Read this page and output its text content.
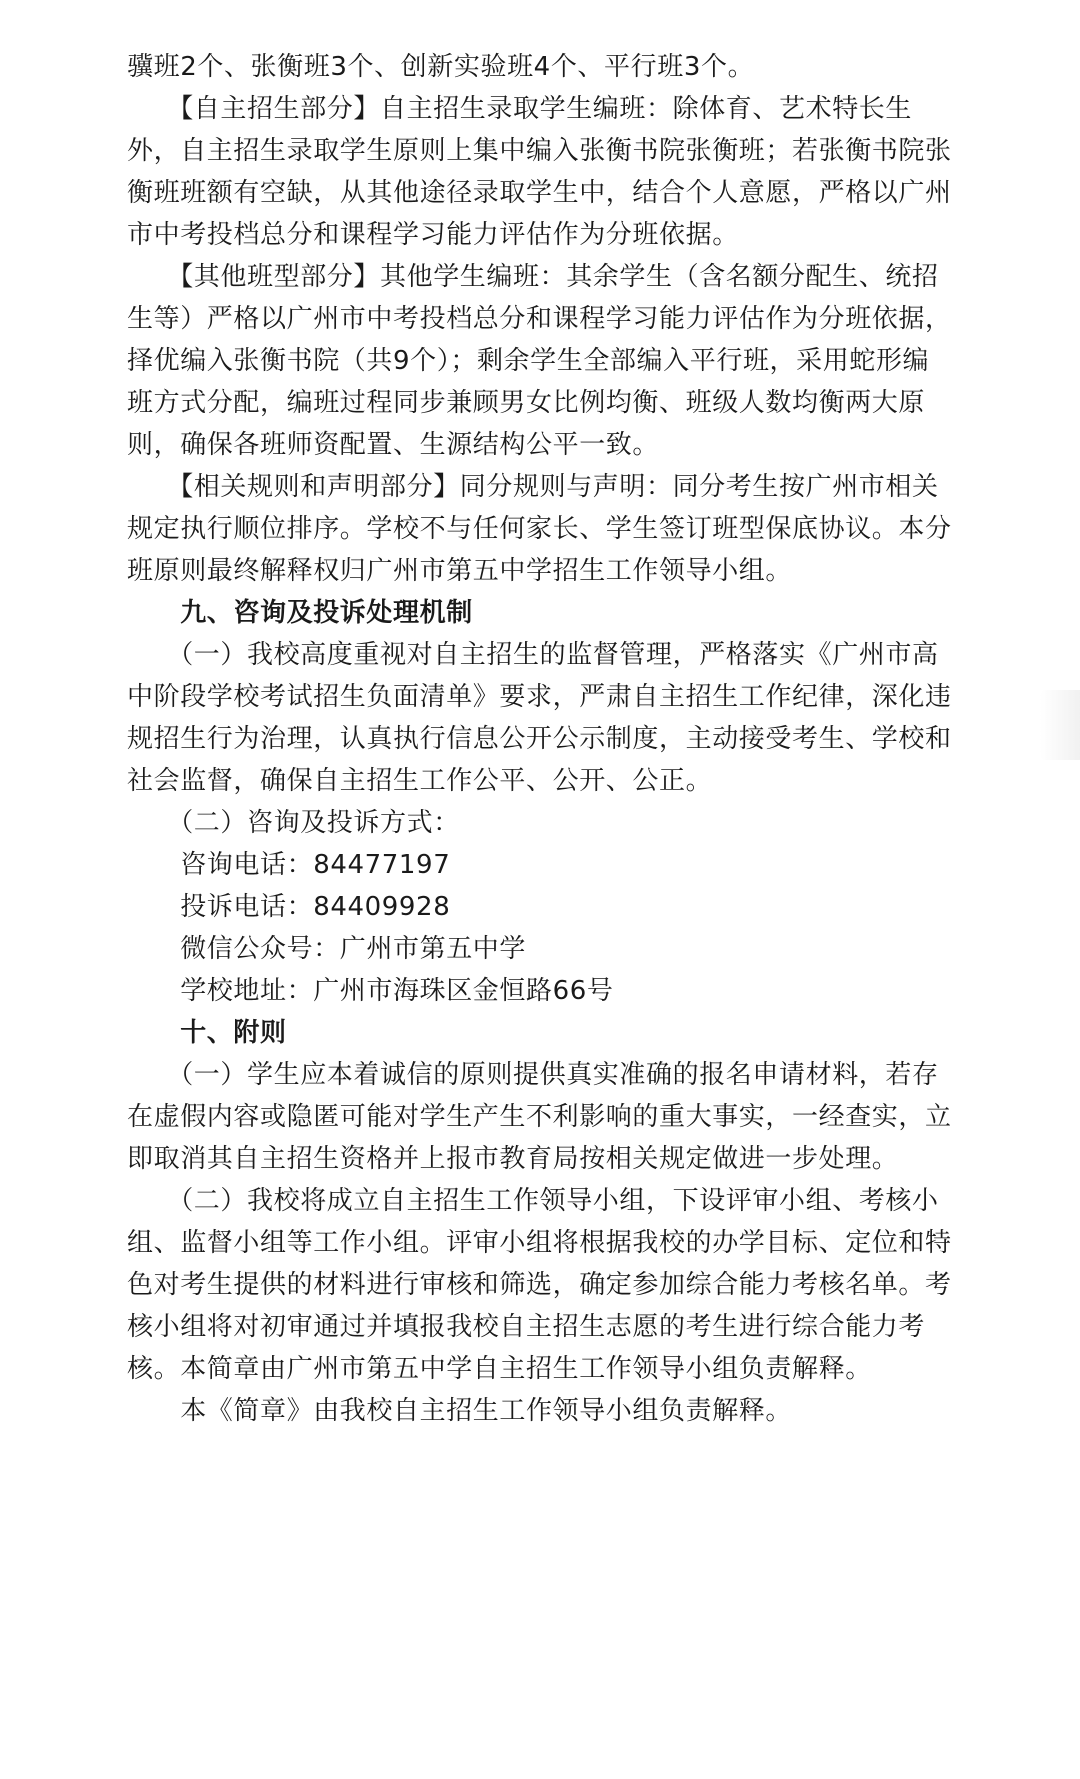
骥班2个、张衡班3个、创新实验班4个、平行班3个。
　　【自主招生部分】自主招生录取学生编班：除体育、艺术特长生
外，自主招生录取学生原则上集中编入张衡书院张衡班；若张衡书院张
衡班班额有空缺，从其他途径录取学生中，结合个人意愿，严格以广州
市中考投档总分和课程学习能力评估作为分班依据。
　　【其他班型部分】其他学生编班：其余学生（含名额分配生、统招
生等）严格以广州市中考投档总分和课程学习能力评估作为分班依据，
择优编入张衡书院（共9个）；剩余学生全部编入平行班，采用蛇形编
班方式分配，编班过程同步兼顾男女比例均衡、班级人数均衡两大原
则，确保各班师资配置、生源结构公平一致。
　　【相关规则和声明部分】同分规则与声明：同分考生按广州市相关
规定执行顺位排序。学校不与任何家长、学生签订班型保底协议。本分
班原则最终解释权归广州市第五中学招生工作领导小组。
　　九、咨询及投诉处理机制
　　（一）我校高度重视对自主招生的监督管理，严格落实《广州市高
中阶段学校考试招生负面清单》要求，严肃自主招生工作纪律，深化违
规招生行为治理，认真执行信息公开公示制度，主动接受考生、学校和
社会监督，确保自主招生工作公平、公开、公正。
　　（二）咨询及投诉方式：
　　咨询电话：84477197
　　投诉电话：84409928
　　微信公众号：广州市第五中学
　　学校地址：广州市海珠区金恒路66号
　　十、附则
　　（一）学生应本着诚信的原则提供真实准确的报名申请材料，若存
在虚假内容或隐匿可能对学生产生不利影响的重大事实，一经查实，立
即取消其自主招生资格并上报市教育局按相关规定做进一步处理。
　　（二）我校将成立自主招生工作领导小组，下设评审小组、考核小
组、监督小组等工作小组。评审小组将根据我校的办学目标、定位和特
色对考生提供的材料进行审核和筛选，确定参加综合能力考核名单。考
核小组将对初审通过并填报我校自主招生志愿的考生进行综合能力考
核。本简章由广州市第五中学自主招生工作领导小组负责解释。
　　本《简章》由我校自主招生工作领导小组负责解释。
